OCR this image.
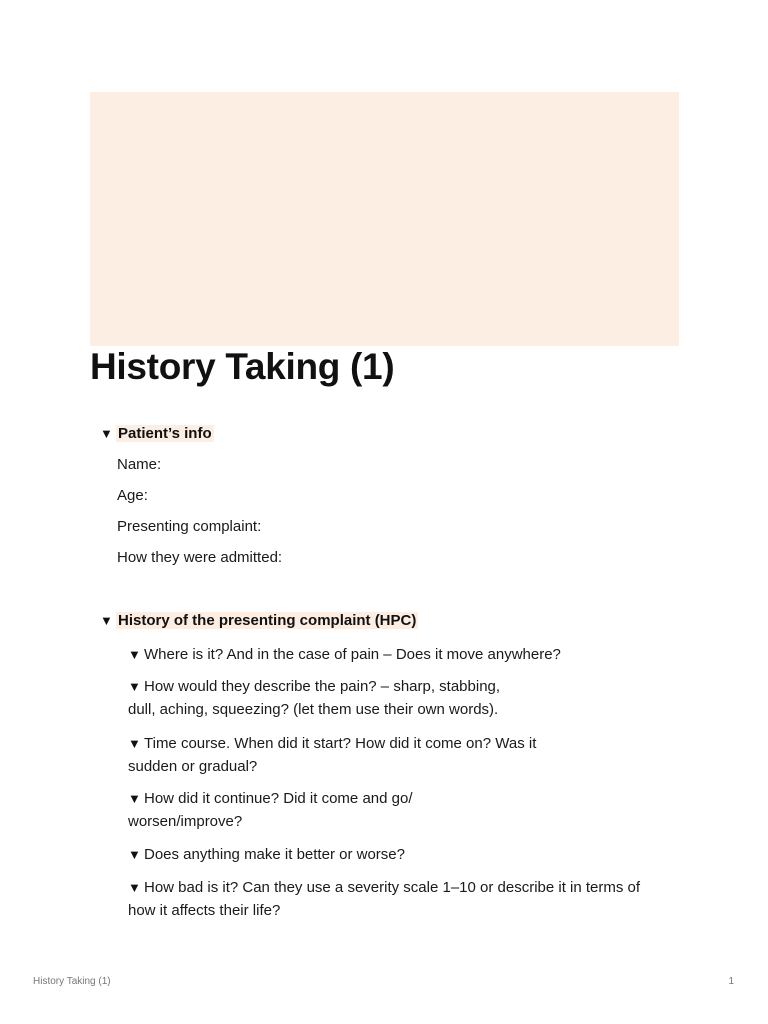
History Taking (1)
▼ Patient’s info
Name:
Age:
Presenting complaint:
How they were admitted:
▼ History of the presenting complaint (HPC)
▼ Where is it? And in the case of pain – Does it move anywhere?
▼ How would they describe the pain? – sharp, stabbing,
dull, aching, squeezing? (let them use their own words).
▼ Time course. When did it start? How did it come on? Was it
sudden or gradual?
▼ How did it continue? Did it come and go/
worsen/improve?
▼ Does anything make it better or worse?
▼ How bad is it? Can they use a severity scale 1–10 or describe it in terms of
how it affects their life?
History Taking (1)	1
